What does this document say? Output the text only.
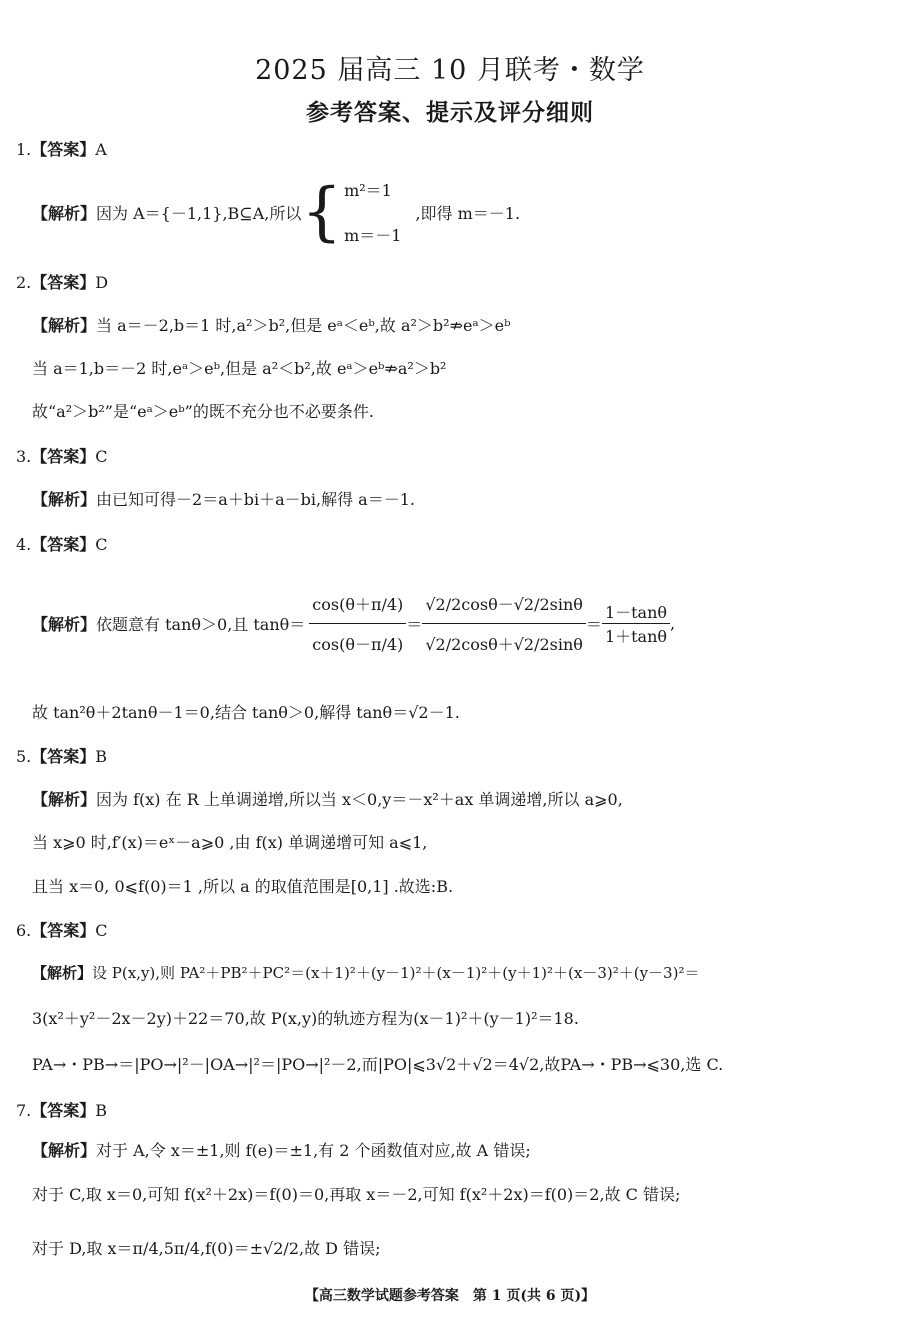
2025 届高三 10 月联考・数学
参考答案、提示及评分细则
1.【答案】A
【解析】 因为 A＝{－1,1},B⊆A,所以 { m²＝1
m＝－1
,即得 m＝－1.
2.【答案】D
【解析】当 a＝－2,b＝1 时,a²＞b²,但是 eᵃ＜eᵇ,故 a²＞b²⇏eᵃ＞eᵇ
当 a＝1,b＝－2 时,eᵃ＞eᵇ,但是 a²＜b²,故 eᵃ＞eᵇ⇏a²＞b²
故“a²＞b²”是“eᵃ＞eᵇ”的既不充分也不必要条件.
3.【答案】C
【解析】由已知可得－2＝a＋bi＋a－bi,解得 a＝－1.
4.【答案】C
【解析】 依题意有 tanθ＞0,且 $\tan\theta= \frac{\cos(\theta+\pi/4)}{\cos(\theta-\pi/4)} = \frac{√2/2\cos\theta-√2/2\sin\theta}{√2/2\cos\theta+√2/2\sin\theta} = \frac{1-\tan\theta}{1+\tan\theta}$ ,
故 tan²θ＋2tanθ－1＝0,结合 tanθ＞0,解得 tanθ＝√2－1.
5.【答案】B
【解析】因为 f(x) 在 R 上单调递增,所以当 x＜0,y＝－x²＋ax 单调递增,所以 a⩾0,
当 x⩾0 时,f′(x)＝eˣ－a⩾0 ,由 f(x) 单调递增可知 a⩽1,
且当 x＝0, 0⩽f(0)＝1 ,所以 a 的取值范围是[0,1] .故选:B.
6.【答案】C
【解析】设 P(x,y),则 PA²＋PB²＋PC²＝(x＋1)²＋(y－1)²＋(x－1)²＋(y＋1)²＋(x－3)²＋(y－3)²＝
3(x²＋y²－2x－2y)＋22＝70,故 P(x,y)的轨迹方程为(x－1)²＋(y－1)²＝18.
PA→・PB→＝|PO→|²－|OA→|²＝|PO→|²－2,而|PO|⩽3√2＋√2＝4√2,故PA→・PB→⩽30,选 C.
7.【答案】B
【解析】对于 A,令 x＝±1,则 f(e)＝±1,有 2 个函数值对应,故 A 错误;
对于 C,取 x＝0,可知 f(x²＋2x)＝f(0)＝0,再取 x＝－2,可知 f(x²＋2x)＝f(0)＝2,故 C 错误;
对于 D,取 x＝π/4,5π/4,f(0)＝±√2/2,故 D 错误;
【高三数学试题参考答案　第 1 页(共 6 页)】
